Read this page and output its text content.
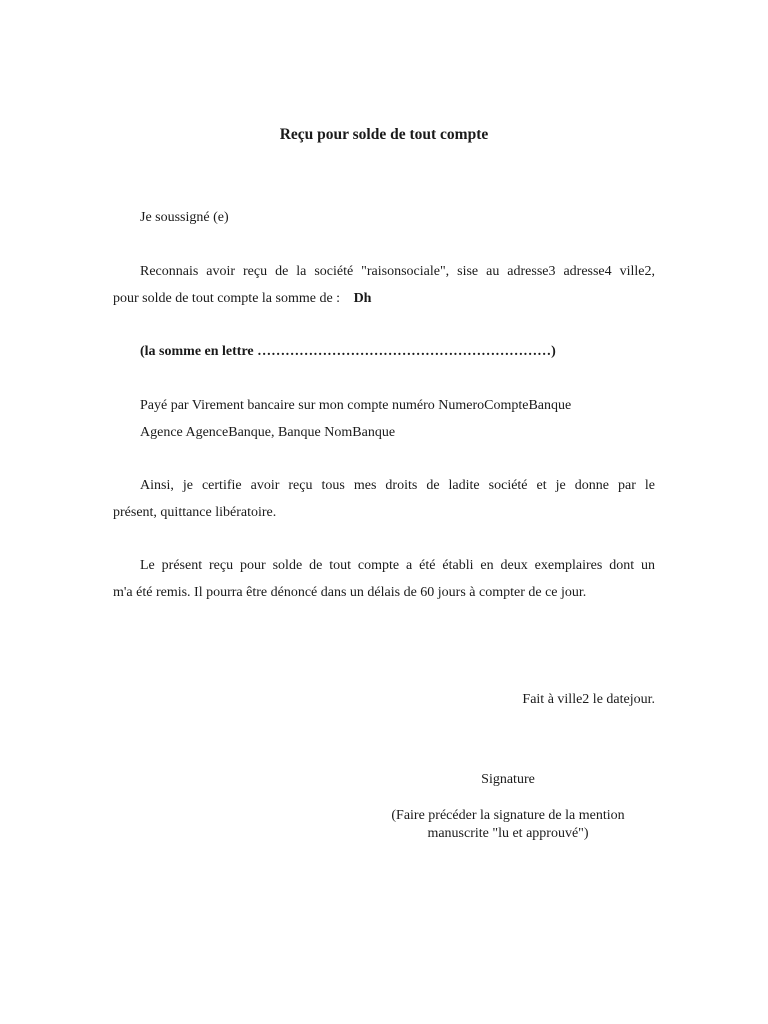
Reçu pour solde de tout compte
Je soussigné (e)
Reconnais avoir reçu de la société "raisonsociale", sise au adresse3 adresse4 ville2,
pour solde de tout compte la somme de : Dh
(la somme en lettre ………………………………………………………)
Payé par Virement bancaire sur mon compte numéro NumeroCompteBanque
Agence AgenceBanque, Banque NomBanque
Ainsi, je certifie avoir reçu tous mes droits de ladite société et je donne par le
présent, quittance libératoire.
Le présent reçu pour solde de tout compte a été établi en deux exemplaires dont un
m'a été remis. Il pourra être dénoncé dans un délais de 60 jours à compter de ce jour.
Fait à ville2 le datejour.
Signature
(Faire précéder la signature de la mention
manuscrite "lu et approuvé")
